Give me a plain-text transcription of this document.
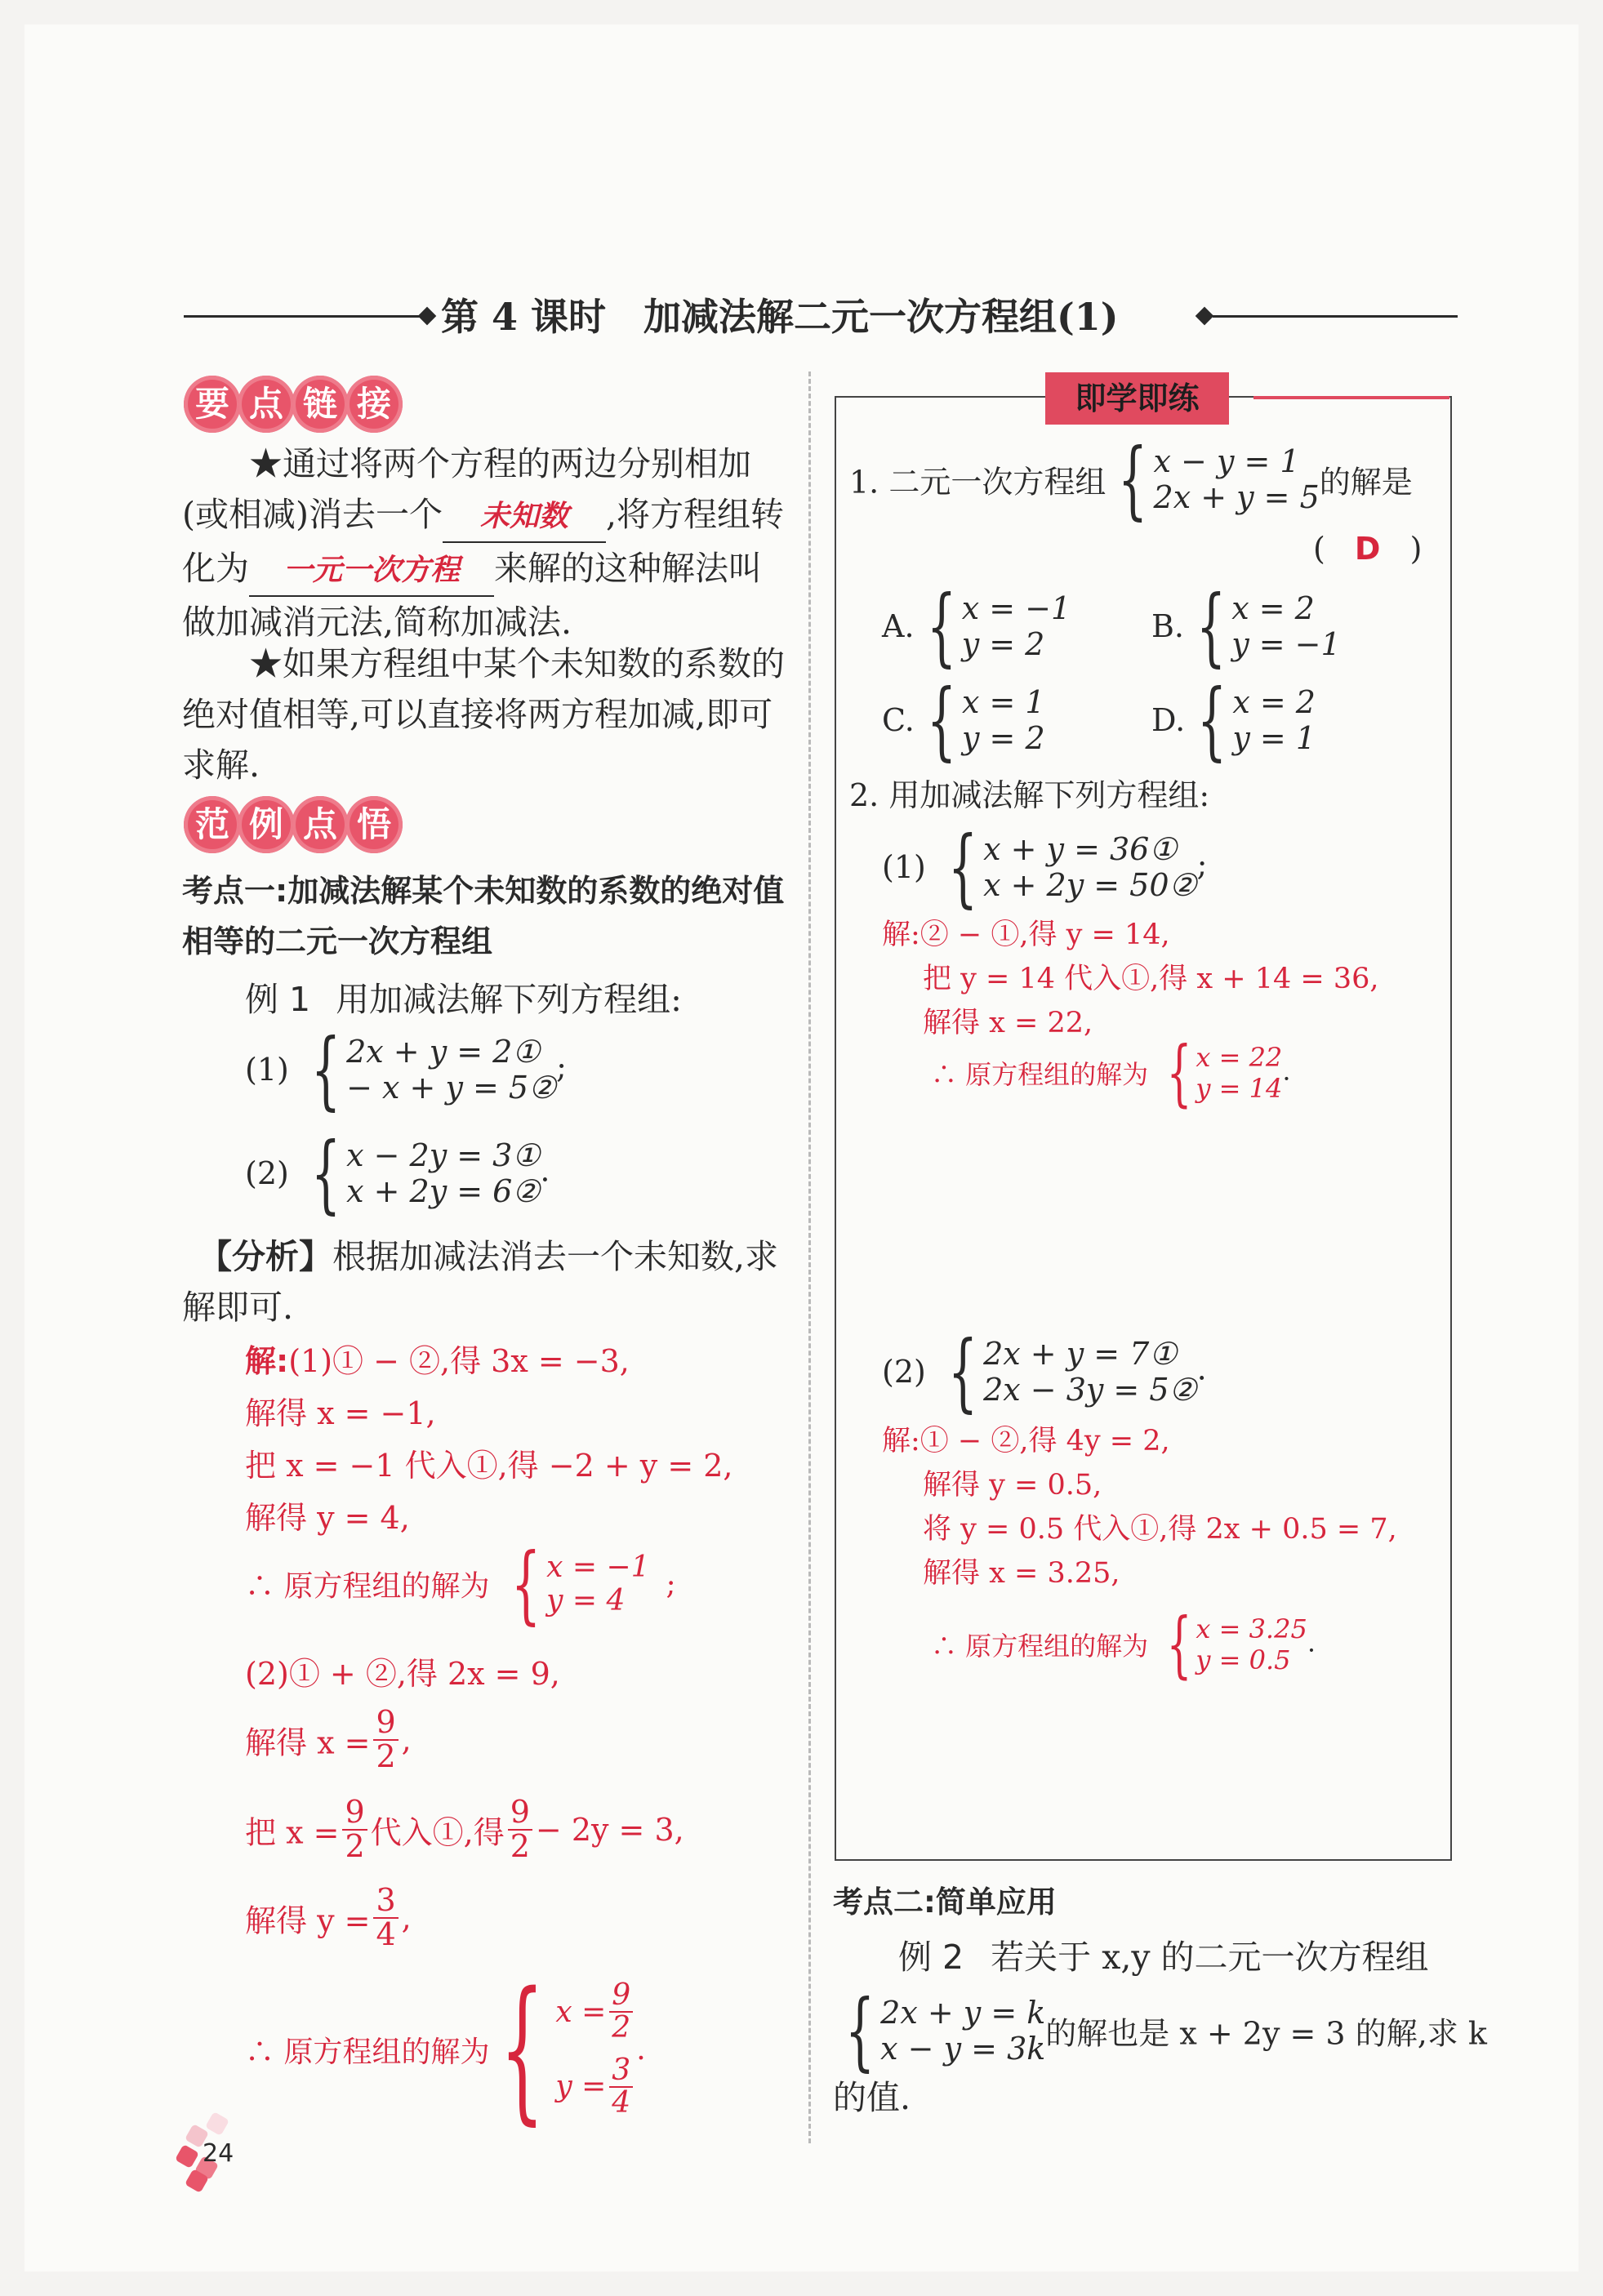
第 4 课时　加减法解二元一次方程组(1)
要 点 链 接
★通过将两个方程的两边分别相加(或相减)消去一个 未知数 ,将方程组转化为 一元一次方程 来解的这种解法叫做加减消元法,简称加减法.
★如果方程组中某个未知数的系数的绝对值相等,可以直接将两方程加减,即可求解.
范 例 点 悟
考点一:加减法解某个未知数的系数的绝对值相等的二元一次方程组
例 1 用加减法解下列方程组:
(1) { 2x + y = 2①
− x + y = 5②
;
(2) { x − 2y = 3①
x + 2y = 6②
.
【分析】根据加减法消去一个未知数,求解即可.
解:(1)① − ②,得 3x = −3,
解得 x = −1,
把 x = −1 代入①,得 −2 + y = 2,
解得 y = 4,
∴ 原方程组的解为 { x = −1
y = 4	;
(2)① + ②,得 2x = 9,
解得 $x = \frac{9}{2}$ ,
把 $x = \frac{9}{2}$ 代入①,得 $\frac{9}{2} - 2y = 3$,
解得 $y = \frac{3}{4}$ ,
∴ 原方程组的解为 { $x = \frac{9}{2}$
$y = \frac{3}{4}$
.
即学即练
1. 二元一次方程组 { x − y = 1
2x + y = 5 的解是
( D )
A. { x = −1
y = 2	B. { x = 2
y = −1
C. { x = 1
y = 2	D. { x = 2
y = 1
2. 用加减法解下列方程组:
(1) { x + y = 36①
x + 2y = 50②
;
解:② − ①,得 y = 14,
把 y = 14 代入①,得 x + 14 = 36,
解得 x = 22,
∴ 原方程组的解为 { x = 22
y = 14
.
(2) { 2x + y = 7①
2x − 3y = 5②
.
解:① − ②,得 4y = 2,
解得 y = 0.5,
将 y = 0.5 代入①,得 2x + 0.5 = 7,
解得 x = 3.25,
∴ 原方程组的解为 { x = 3.25
y = 0.5
.
考点二:简单应用
例 2 若关于 x,y 的二元一次方程组
{ 2x + y = k
x − y = 3k 的解也是 x + 2y = 3 的解,求 k
的值.
24
